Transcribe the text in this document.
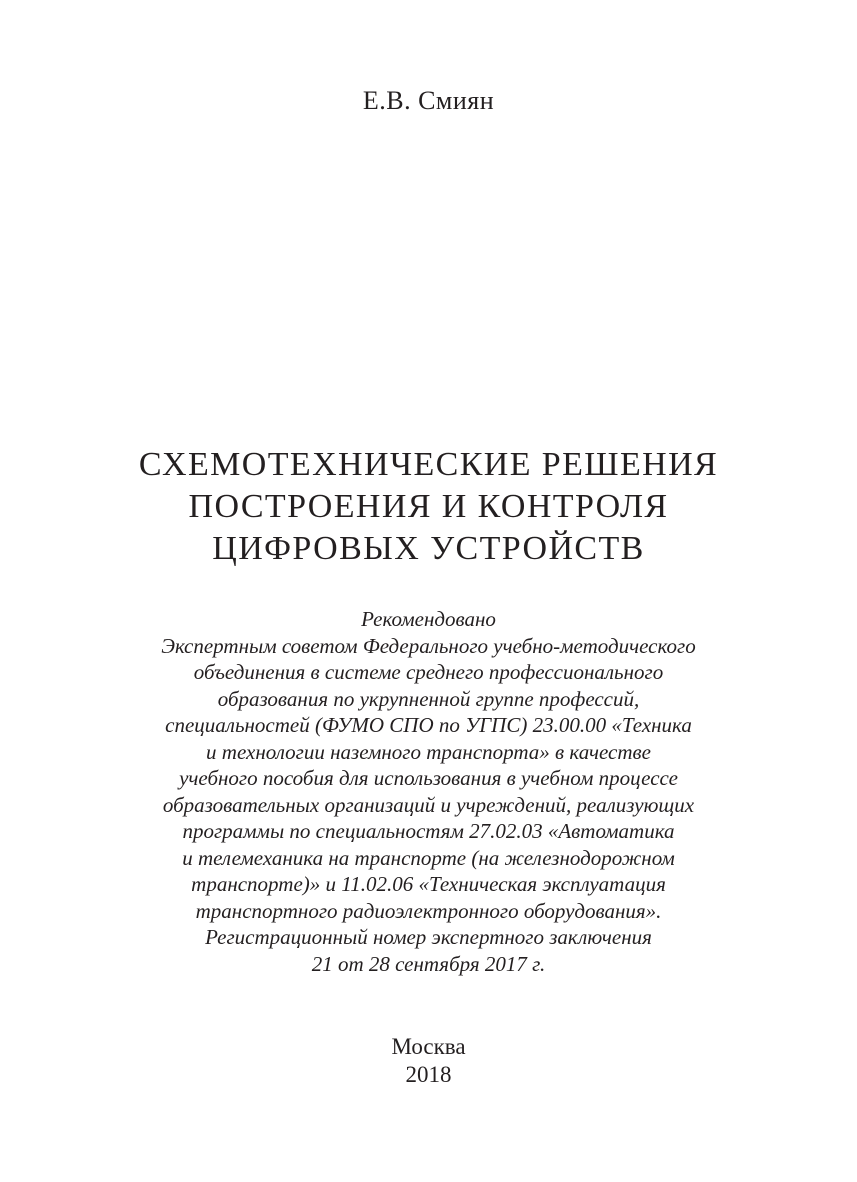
Е.В. Смиян
СХЕМОТЕХНИЧЕСКИЕ РЕШЕНИЯ
ПОСТРОЕНИЯ И КОНТРОЛЯ
ЦИФРОВЫХ УСТРОЙСТВ
Рекомендовано
Экспертным советом Федерального учебно-методического
объединения в системе среднего профессионального
образования по укрупненной группе профессий,
специальностей (ФУМО СПО по УГПС) 23.00.00 «Техника
и технологии наземного транспорта» в качестве
учебного пособия для использования в учебном процессе
образовательных организаций и учреждений, реализующих
программы по специальностям 27.02.03 «Автоматика
и телемеханика на транспорте (на железнодорожном
транспорте)» и 11.02.06 «Техническая эксплуатация
транспортного радиоэлектронного оборудования».
Регистрационный номер экспертного заключения
21 от 28 сентября 2017 г.
Москва
2018
